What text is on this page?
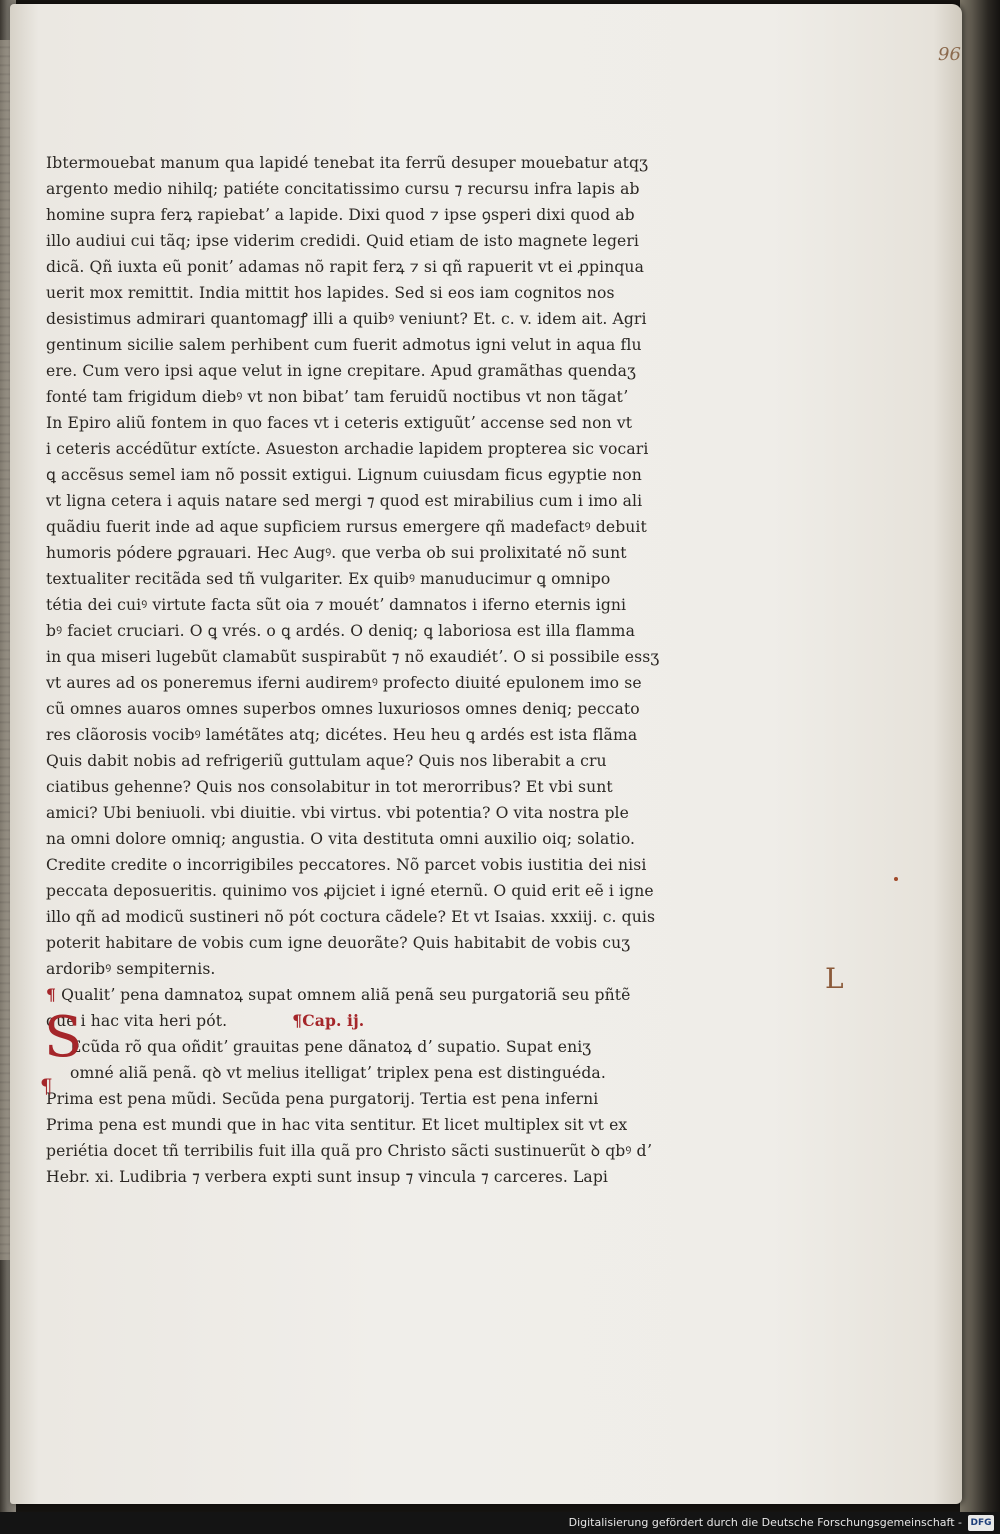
96
Ibtermouebat manum qua lapidé tenebat ita ferrũ desuper mouebatur atqʒ
argento medio nihilq; patiéte concitatissimo cursu ⁊ recursu infra lapis ab
homine supra ferꝝ rapiebatʼ a lapide. Dixi quod ⁊ ipse ꝯsperi dixi quod ab
illo audiui cui tãq; ipse viderim credidi. Quid etiam de isto magnete legeri
dicã. Qñ iuxta eũ ponitʼ adamas nõ rapit ferꝝ ⁊ si qñ rapuerit vt ei ꝓpinqua
uerit mox remittit. India mittit hos lapides. Sed si eos iam cognitos nos
desistimus admirari quantomagꝭ illi a quibꝰ veniunt? Et. c. v. idem ait. Agri
gentinum sicilie salem perhibent cum fuerit admotus igni velut in aqua flu
ere. Cum vero ipsi aque velut in igne crepitare. Apud gramãthas quendaʒ
fonté tam frigidum diebꝰ vt non bibatʼ tam feruidũ noctibus vt non tãgatʼ
In Epiro aliũ fontem in quo faces vt i ceteris extiguũtʼ accense sed non vt
i ceteris accédũtur extícte. Asueston archadie lapidem propterea sic vocari
ꝗ accẽsus semel iam nõ possit extigui. Lignum cuiusdam ficus egyptie non
vt ligna cetera i aquis natare sed mergi ⁊ quod est mirabilius cum i imo ali
quãdiu fuerit inde ad aque supficiem rursus emergere qñ madefactꝰ debuit
humoris pódere ꝑgrauari. Hec Augꝰ. que verba ob sui prolixitaté nõ sunt
textualiter recitãda sed tñ vulgariter. Ex quibꝰ manuducimur ꝗ omnipo
tétia dei cuiꝰ virtute facta sũt oia ⁊ mouétʼ damnatos i iferno eternis igni
bꝰ faciet cruciari. O ꝗ vrés. o ꝗ ardés. O deniq; ꝗ laboriosa est illa flamma
in qua miseri lugebũt clamabũt suspirabũt ⁊ nõ exaudiétʼ. O si possibile essʒ
vt aures ad os poneremus iferni audiremꝰ profecto diuité epulonem imo se
cũ omnes auaros omnes superbos omnes luxuriosos omnes deniq; peccato
res clãorosis vocibꝰ lamétãtes atq; dicétes. Heu heu ꝗ ardés est ista flãma
Quis dabit nobis ad refrigeriũ guttulam aque? Quis nos liberabit a cru
ciatibus gehenne? Quis nos consolabitur in tot merorribus? Et vbi sunt
amici? Ubi beniuoli. vbi diuitie. vbi virtus. vbi potentia? O vita nostra ple
na omni dolore omniq; angustia. O vita destituta omni auxilio oiq; solatio.
Credite credite o incorrigibiles peccatores. Nõ parcet vobis iustitia dei nisi
peccata deposueritis. quinimo vos ꝓijciet i igné eternũ. O quid erit eẽ i igne
illo qñ ad modicũ sustineri nõ pót coctura cãdele? Et vt Isaias. xxxiij. c. quis
poterit habitare de vobis cum igne deuorãte? Quis habitabit de vobis cuʒ
ardoribꝰ sempiternis.
¶ Qualitʼ pena damnatoꝝ supat omnem aliã penã seu purgatoriã seu pñtẽ
que i hac vita heri pót.	¶Cap. ij.
Ecũda rõ qua oñditʼ grauitas pene dãnatoꝝ dʼ supatio. Supat eniʒ
omné aliã penã. qꝺ vt melius itelligatʼ triplex pena est distinguéda.
Prima est pena mũdi. Secũda pena purgatorij. Tertia est pena inferni
Prima pena est mundi que in hac vita sentitur. Et licet multiplex sit vt ex
periétia docet tñ terribilis fuit illa quã pro Christo sãcti sustinuerũt ꝺ qbꝰ dʼ
Hebr. xi. Ludibria ⁊ verbera expti sunt insup ⁊ vincula ⁊ carceres. Lapi
S
¶
L
Digitalisierung gefördert durch die Deutsche Forschungsgemeinschaft - DFG
